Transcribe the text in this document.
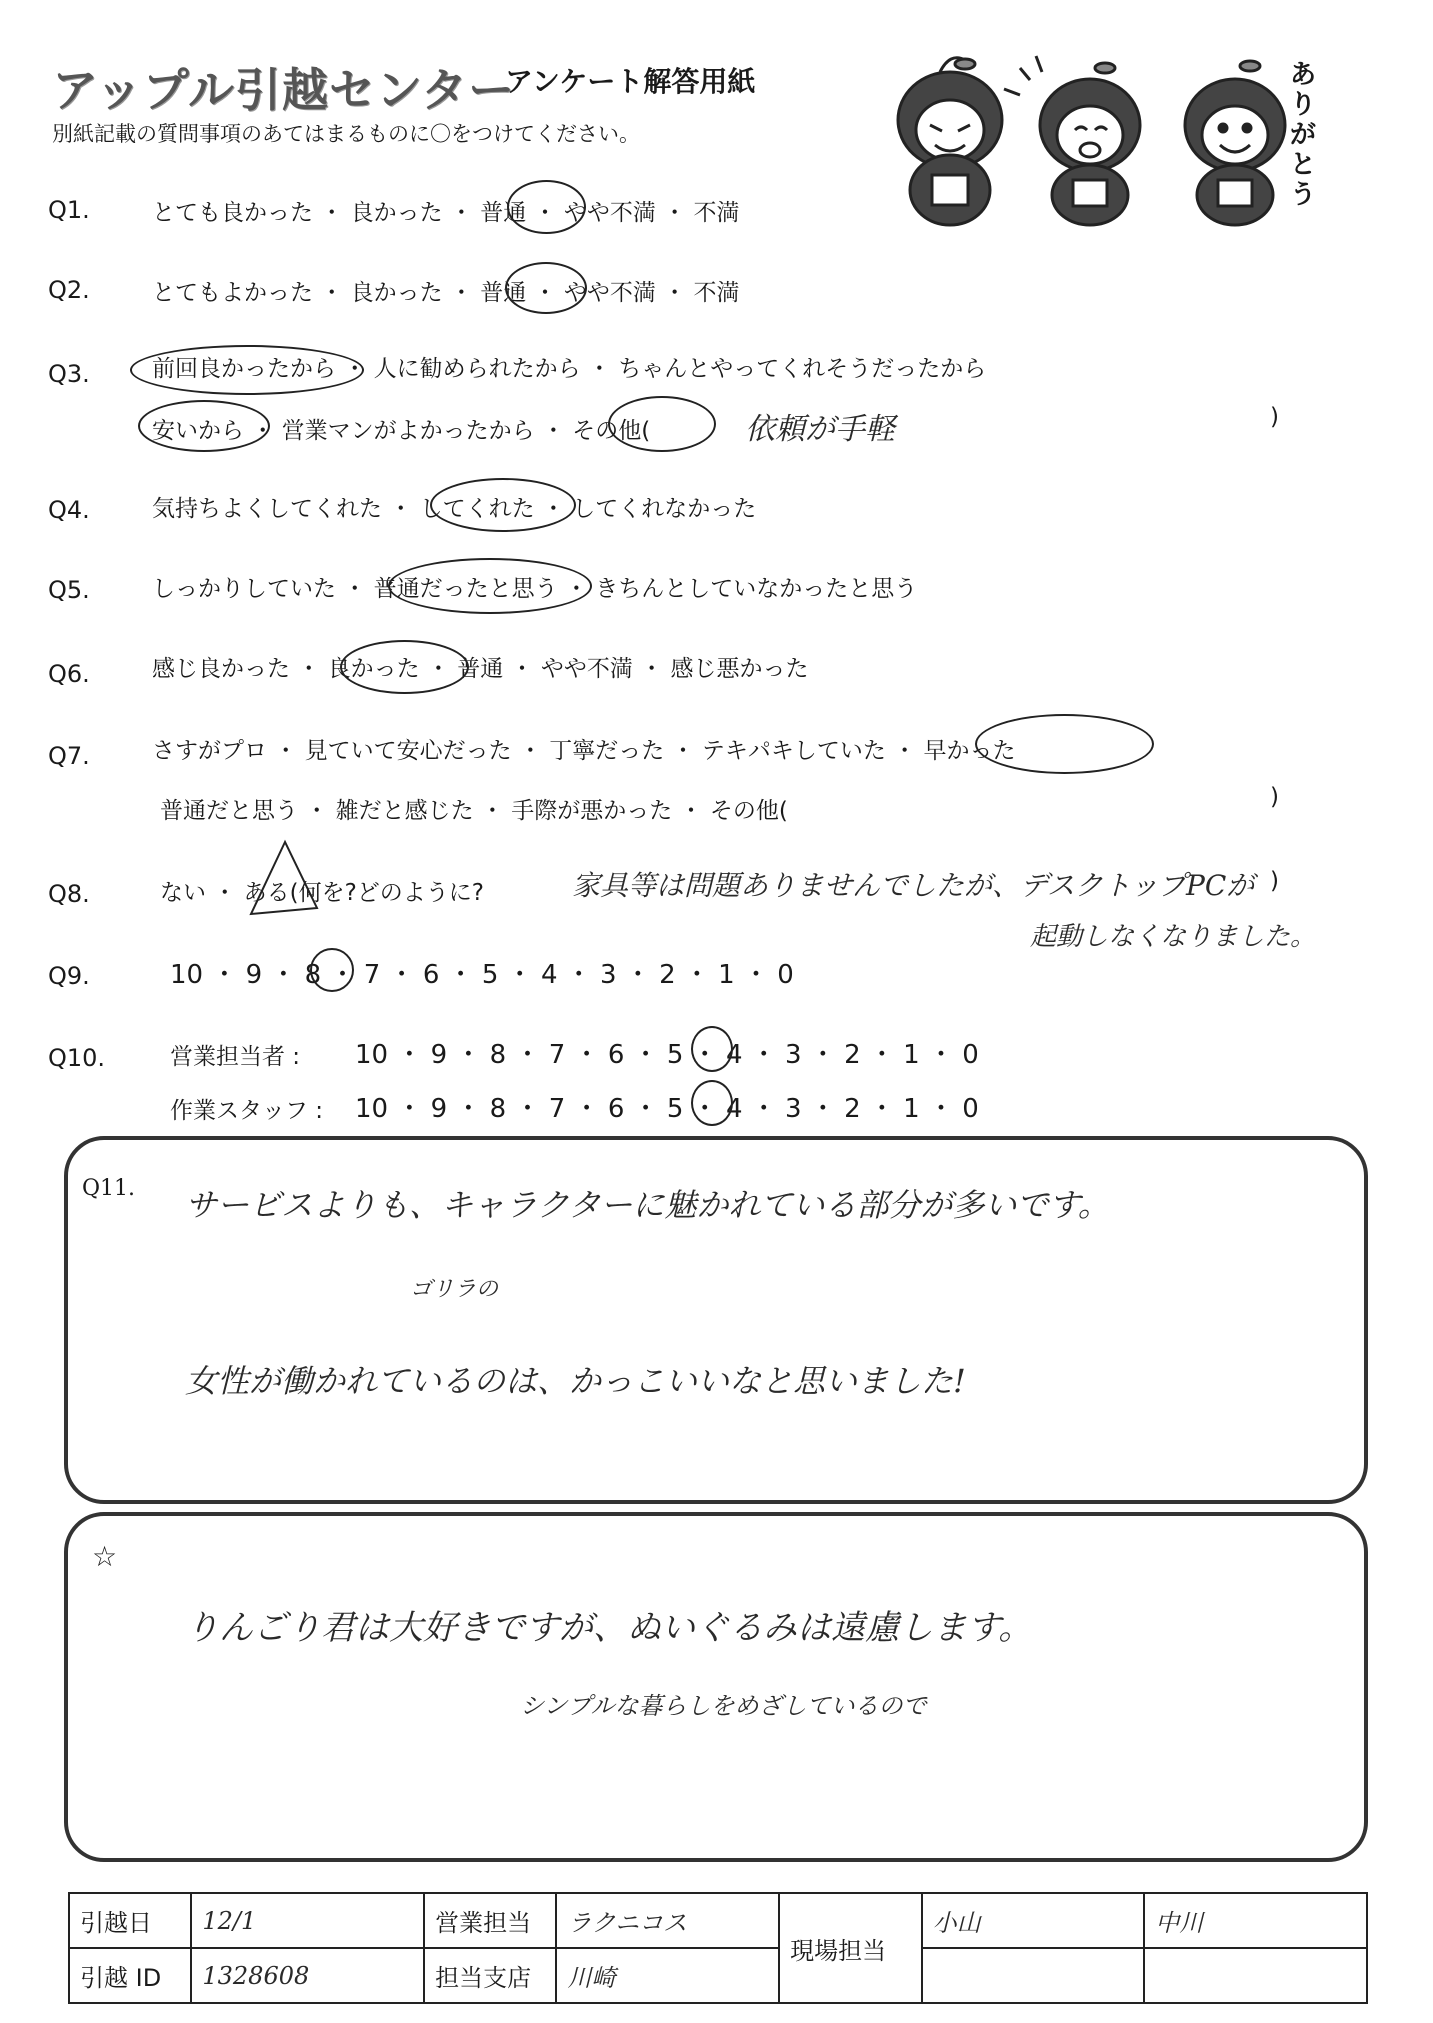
アップル引越センター
アンケート解答用紙
別紙記載の質問事項のあてはまるものに〇をつけてください。
ありがとう
Q1.	とても良かった ・ 良かった ・ 普通 ・ やや不満 ・ 不満
Q2.	とてもよかった ・ 良かった ・ 普通 ・ やや不満 ・ 不満
Q3.	前回良かったから ・ 人に勧められたから ・ ちゃんとやってくれそうだったから
安いから ・ 営業マンがよかったから ・ その他(
)
依頼が手軽
Q4.	気持ちよくしてくれた ・ してくれた ・ してくれなかった
Q5.	しっかりしていた ・ 普通だったと思う ・ きちんとしていなかったと思う
Q6.	感じ良かった ・ 良かった ・ 普通 ・ やや不満 ・ 感じ悪かった
Q7.	さすがプロ ・ 見ていて安心だった ・ 丁寧だった ・ テキパキしていた ・ 早かった
普通だと思う ・ 雑だと感じた ・ 手際が悪かった ・ その他(
)
Q8.	ない ・ ある(何を?どのように?	家具等は問題ありませんでしたが、デスクトップPCが )
起動しなくなりました。
Q9.	10 ・ 9 ・ 8 ・ 7 ・ 6 ・ 5 ・ 4 ・ 3 ・ 2 ・ 1 ・ 0
Q10.	営業担当者 : 10 ・ 9 ・ 8 ・ 7 ・ 6 ・ 5 ・ 4 ・ 3 ・ 2 ・ 1 ・ 0
作業スタッフ : 10 ・ 9 ・ 8 ・ 7 ・ 6 ・ 5 ・ 4 ・ 3 ・ 2 ・ 1 ・ 0
Q11. サービスよりも、キャラクターに魅かれている部分が多いです。
ゴリラの
女性が働かれているのは、かっこいいなと思いました!
☆
りんごり君は大好きですが、ぬいぐるみは遠慮します。
シンプルな暮らしをめざしているので
引越日	12/1	営業担当	ラクニコス	現場担当	小山	中川
引越 ID	1328608	担当支店	川崎			
